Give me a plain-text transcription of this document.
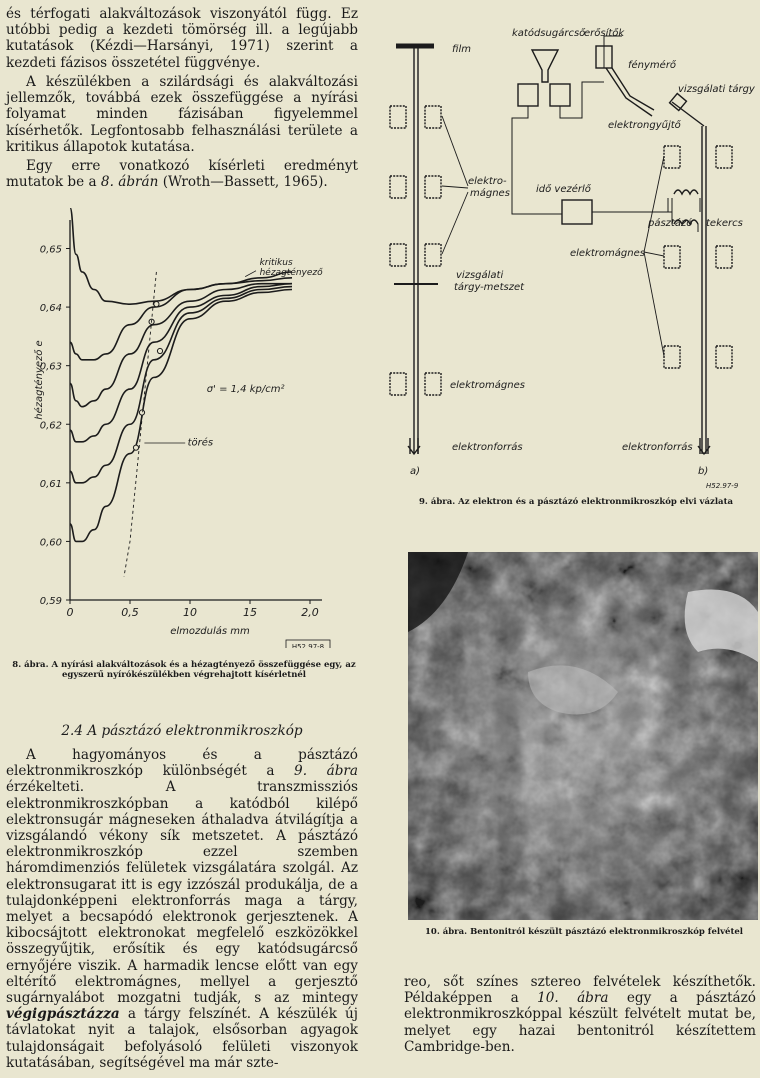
és térfogati alakváltozások viszonyától függ. Ez utóbbi pedig a kezdeti tömörség ill. a legújabb kutatások (Kézdi—Harsányi, 1971) szerint a kezdeti fázisos összetétel függvénye.

A készülékben a szilárdsági és alakváltozási jellemzők, továbbá ezek összefüggése a nyírási folyamat minden fázisában figyelemmel kísérhetők. Legfontosabb felhasználási területe a kritikus állapotok kutatása.

Egy erre vonatkozó kísérleti eredményt mutatok be a 8. ábrán (Wroth—Bassett, 1965).

0,59
0,60
0,61
0,62
0,63
0,64
0,65
0	0,5	10	15	2,0
elmozdulás mm
hézagtényező e
kritikus
hézagtényező
σ' = 1,4 kp/cm²
törés
H52.97-8
8. ábra. A nyírási alakváltozások és a hézagtényező összefüggése egy, az egyszerű nyírókészülékben végrehajtott kísérletnél
2.4 A pásztázó elektronmikroszkóp

A hagyományos és a pásztázó elektronmikroszkóp különbségét a 9. ábra érzékelteti. A transzmissziós elektronmikroszkópban a katódból kilépő elektronsugár mágneseken áthaladva átvilágítja a vizsgálandó vékony sík metszetet. A pásztázó elektronmikroszkóp ezzel szemben háromdimenziós felületek vizsgálatára szolgál. Az elektronsugarat itt is egy izzószál produkálja, de a tulajdonképpeni elektronforrás maga a tárgy, melyet a becsapódó elektronok gerjesztenek. A kibocsájtott elektronokat megfelelő eszközökkel összegyűjtik, erősítik és egy katódsugárcső ernyőjére viszik. A harmadik lencse előtt van egy eltérítő elektromágnes, mellyel a gerjesztő sugárnyalábot mozgatni tudják, s az mintegy végigpásztázza a tárgy felszínét. A készülék új távlatokat nyit a talajok, elsősorban agyagok tulajdonságait befolyásoló felületi viszonyok kutatásában, segítségével ma már szte-

film
katódsugárcső
erősítők
fénymérő
vizsgálati tárgy
elektrongyűjtő
elektro-
mágnes	idő vezérlő
pásztázó tekercs
elektromágnes
vizsgálati
tárgy-metszet
elektromágnes
elektronforrás	elektronforrás
a)	b)
H52.97-9
9. ábra. Az elektron és a pásztázó elektronmikroszkóp elvi vázlata
10. ábra. Bentonitról készült pásztázó elektronmikroszkóp felvétel

reo, sőt színes sztereo felvételek készíthetők. Példaképpen a 10. ábra egy a pásztázó elektronmikroszkóppal készült felvételt mutat be, melyet egy hazai bentonitról készítettem Cambridge-ben.
